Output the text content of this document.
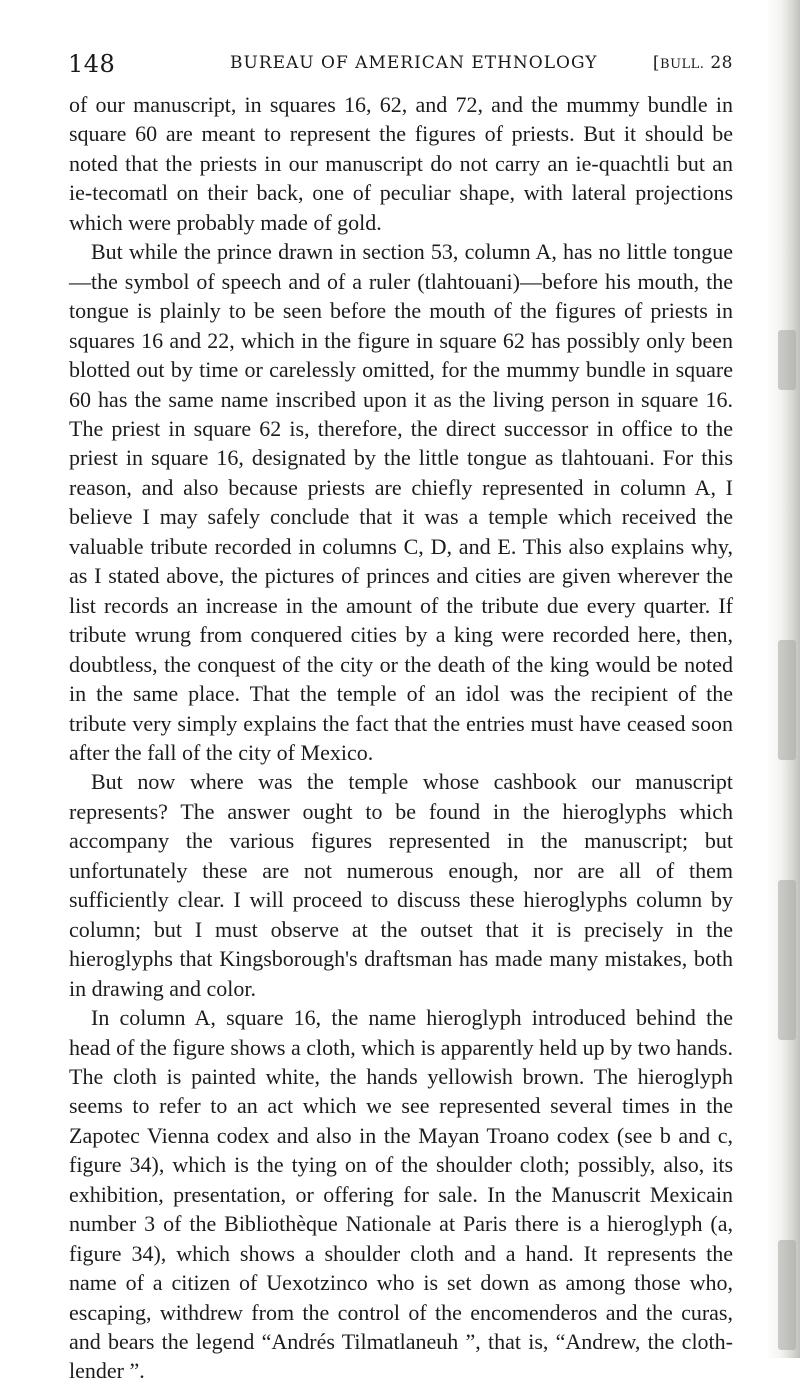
148	BUREAU OF AMERICAN ETHNOLOGY	[BULL. 28

of our manuscript, in squares 16, 62, and 72, and the mummy bundle in square 60 are meant to represent the figures of priests. But it should be noted that the priests in our manuscript do not carry an ie-quachtli but an ie-tecomatl on their back, one of peculiar shape, with lateral projections which were probably made of gold.

But while the prince drawn in section 53, column A, has no little tongue—the symbol of speech and of a ruler (tlahtouani)—before his mouth, the tongue is plainly to be seen before the mouth of the figures of priests in squares 16 and 22, which in the figure in square 62 has possibly only been blotted out by time or carelessly omitted, for the mummy bundle in square 60 has the same name inscribed upon it as the living person in square 16. The priest in square 62 is, therefore, the direct successor in office to the priest in square 16, designated by the little tongue as tlahtouani. For this reason, and also because priests are chiefly represented in column A, I believe I may safely conclude that it was a temple which received the valuable tribute recorded in columns C, D, and E. This also explains why, as I stated above, the pictures of princes and cities are given wherever the list records an increase in the amount of the tribute due every quarter. If tribute wrung from conquered cities by a king were recorded here, then, doubtless, the conquest of the city or the death of the king would be noted in the same place. That the temple of an idol was the recipient of the tribute very simply explains the fact that the entries must have ceased soon after the fall of the city of Mexico.

But now where was the temple whose cashbook our manuscript represents? The answer ought to be found in the hieroglyphs which accompany the various figures represented in the manuscript; but unfortunately these are not numerous enough, nor are all of them sufficiently clear. I will proceed to discuss these hieroglyphs column by column; but I must observe at the outset that it is precisely in the hieroglyphs that Kingsborough's draftsman has made many mistakes, both in drawing and color.

In column A, square 16, the name hieroglyph introduced behind the head of the figure shows a cloth, which is apparently held up by two hands. The cloth is painted white, the hands yellowish brown. The hieroglyph seems to refer to an act which we see represented several times in the Zapotec Vienna codex and also in the Mayan Troano codex (see b and c, figure 34), which is the tying on of the shoulder cloth; possibly, also, its exhibition, presentation, or offering for sale. In the Manuscrit Mexicain number 3 of the Bibliothèque Nationale at Paris there is a hieroglyph (a, figure 34), which shows a shoulder cloth and a hand. It represents the name of a citizen of Uexotzinco who is set down as among those who, escaping, withdrew from the control of the encomenderos and the curas, and bears the legend “Andrés Tilmatlaneuh ”, that is, “Andrew, the cloth-lender ”.
